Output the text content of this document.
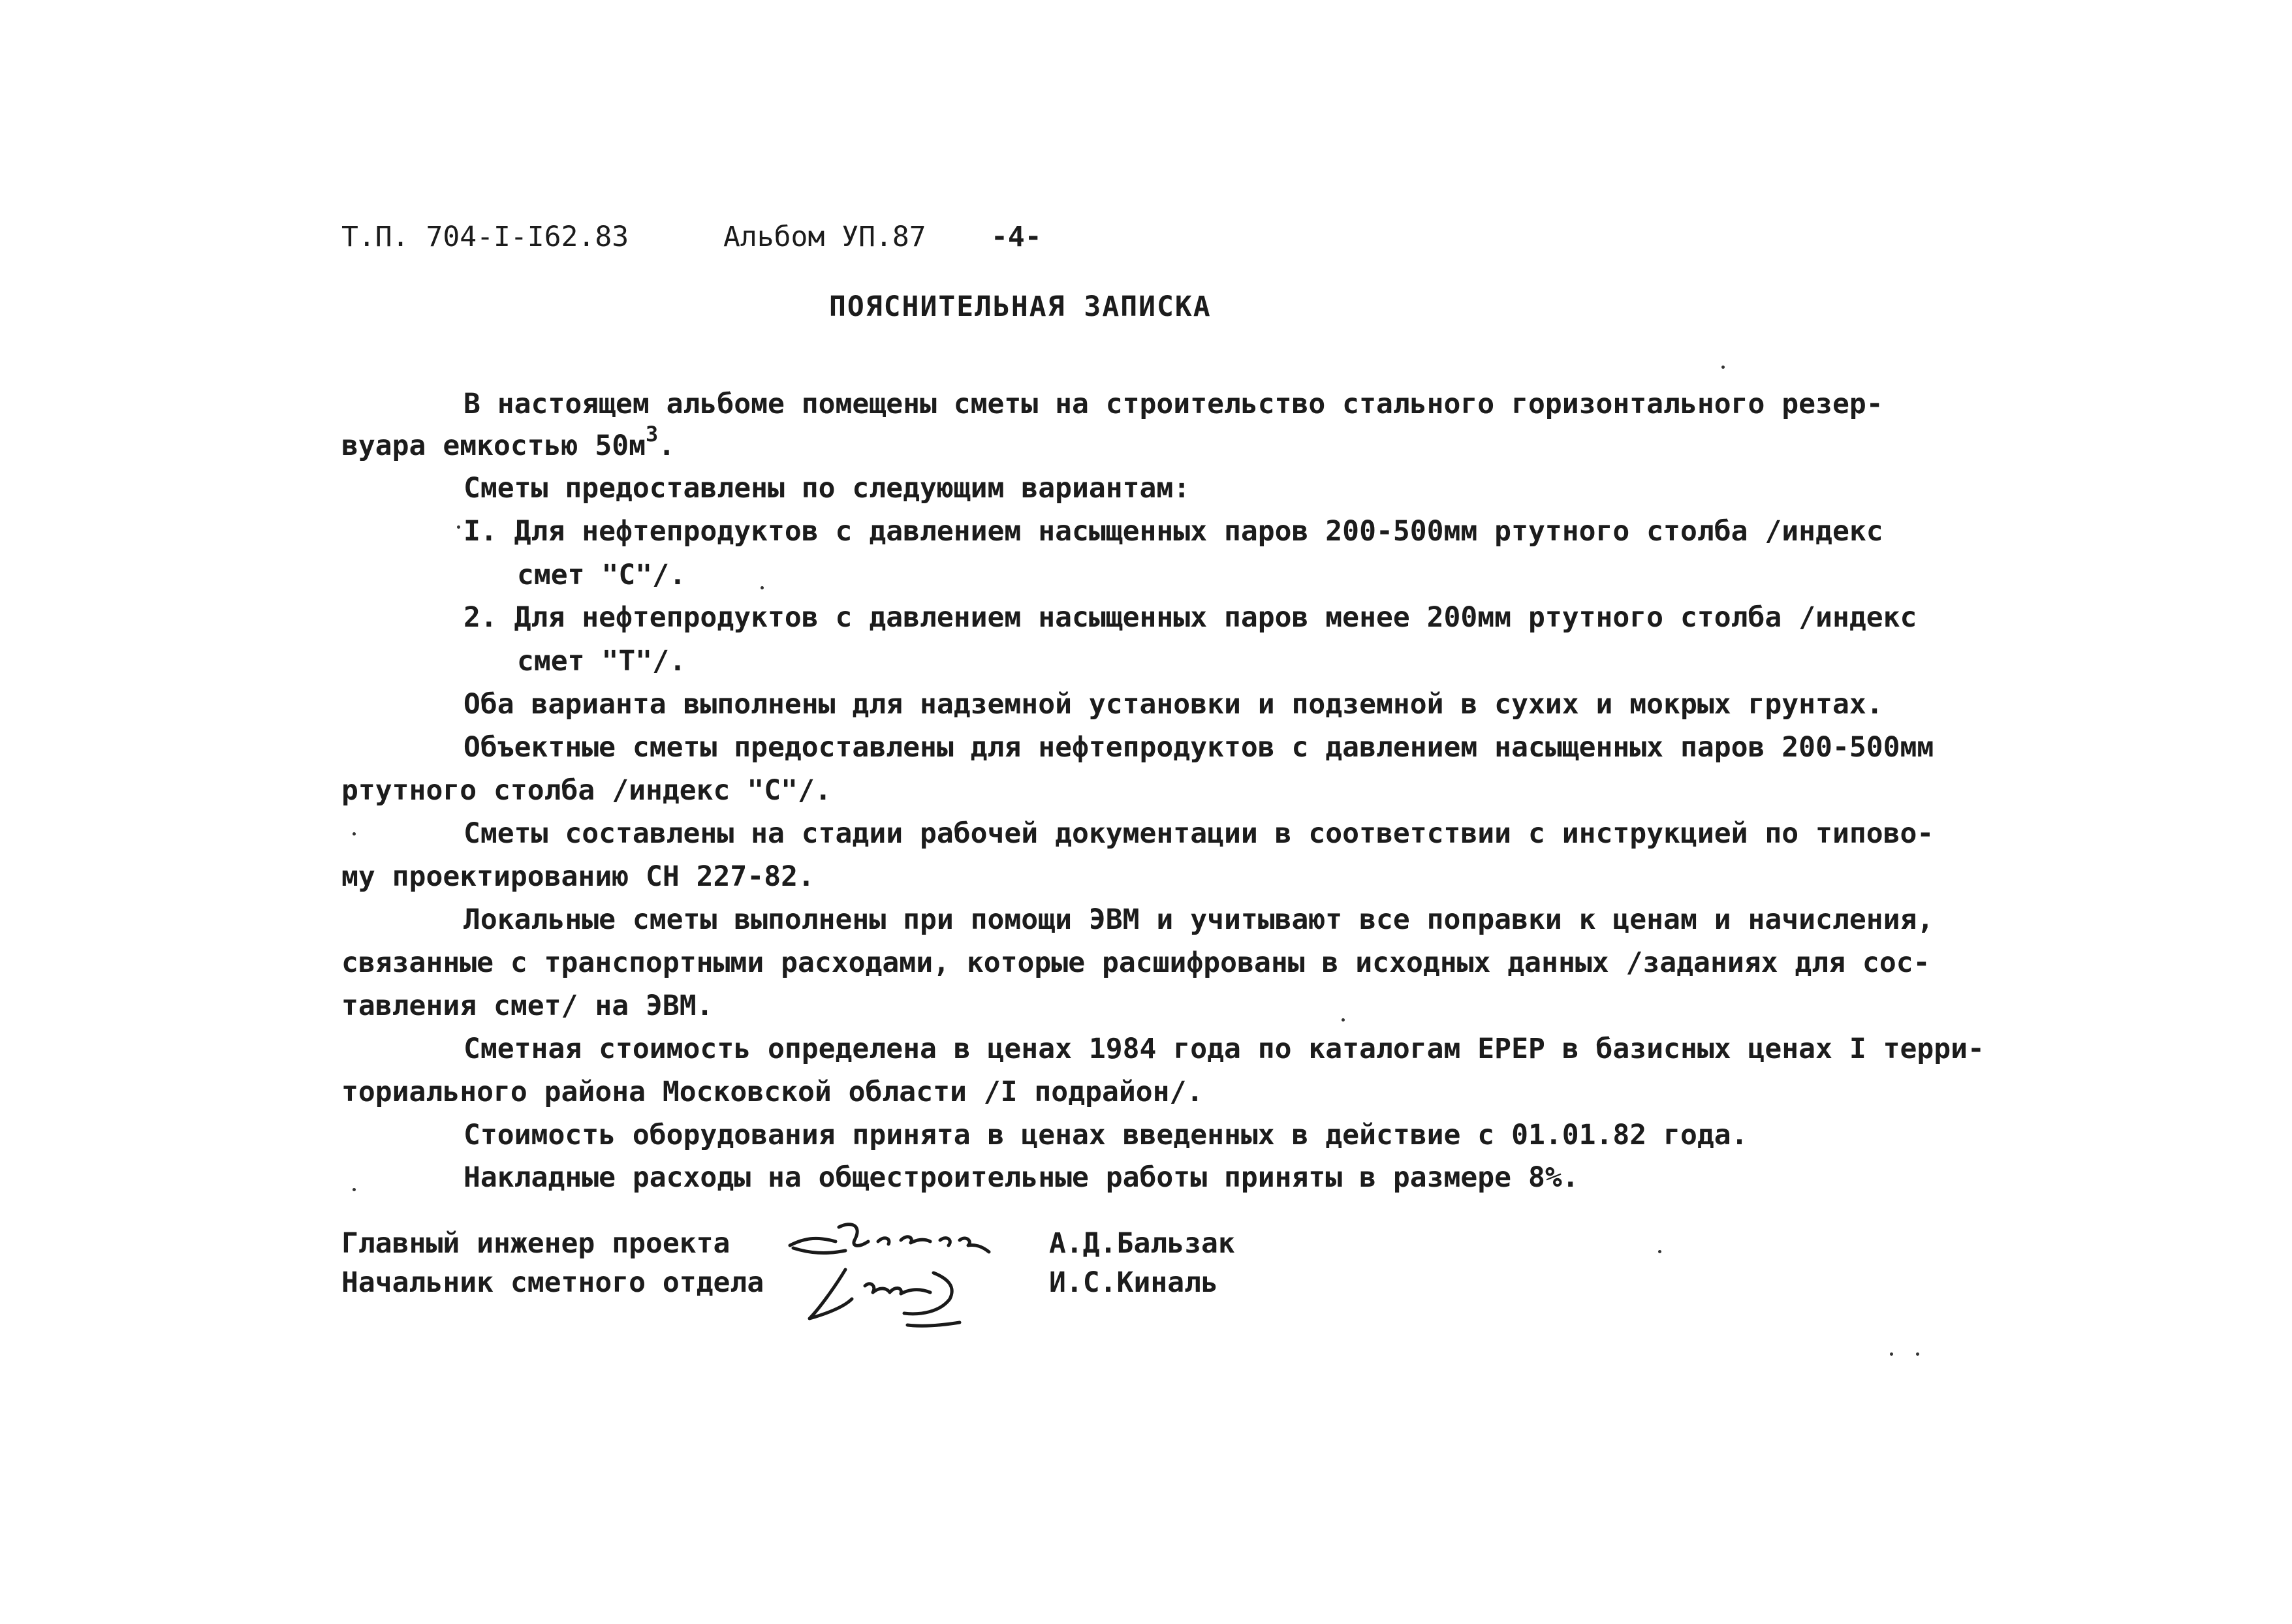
Т.П. 704-І-І62.83	Альбом УП.87 -4-
ПОЯСНИТЕЛЬНАЯ ЗАПИСКА
В настоящем альбоме помещены сметы на строительство стального горизонтального резер-
вуара емкостью $50м^3$.
Сметы предоставлены по следующим вариантам:
І. Для нефтепродуктов с давлением насыщенных паров 200-500мм ртутного столба /индекс
смет "С"/.
2. Для нефтепродуктов с давлением насыщенных паров менее 200мм ртутного столба /индекс
смет "Т"/.
Оба варианта выполнены для надземной установки и подземной в сухих и мокрых грунтах.
Объектные сметы предоставлены для нефтепродуктов с давлением насыщенных паров 200-500мм
ртутного столба /индекс "С"/.
Сметы составлены на стадии рабочей документации в соответствии с инструкцией по типово-
му проектированию СН 227-82.
Локальные сметы выполнены при помощи ЭВМ и учитывают все поправки к ценам и начисления,
связанные с транспортными расходами, которые расшифрованы в исходных данных /заданиях для сос-
тавления смет/ на ЭВМ.
Сметная стоимость определена в ценах 1984 года по каталогам ЕРЕР в базисных ценах I терри-
ториального района Московской области /I подрайон/.
Стоимость оборудования принята в ценах введенных в действие с 01.01.82 года.
Накладные расходы на общестроительные работы приняты в размере 8%.
Главный инженер проекта	А.Д.Бальзак
Начальник сметного отдела	И.С.Киналь
